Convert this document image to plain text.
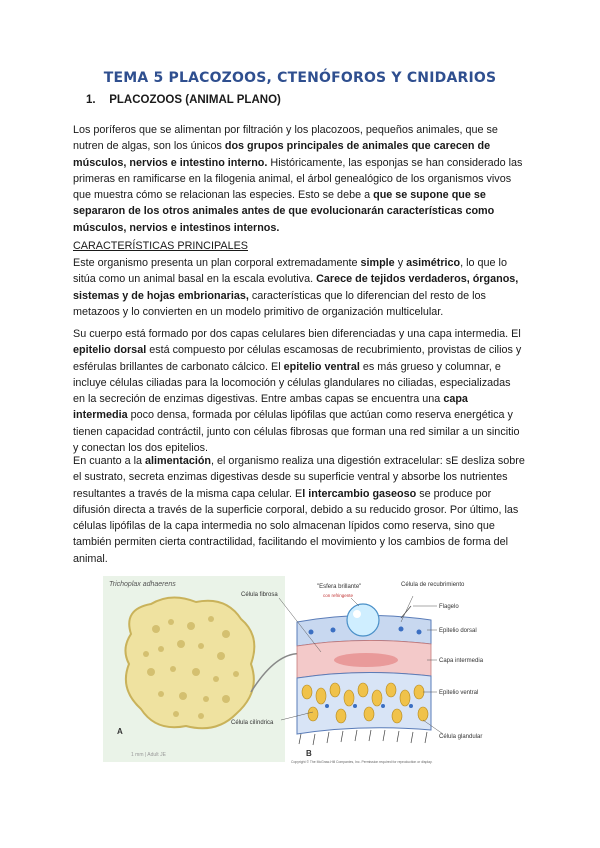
TEMA 5 PLACOZOOS, CTENÓFOROS Y CNIDARIOS
1. PLACOZOOS (ANIMAL PLANO)
Los poríferos que se alimentan por filtración y los placozoos, pequeños animales, que se nutren de algas, son los únicos dos grupos principales de animales que carecen de músculos, nervios e intestino interno. Históricamente, las esponjas se han considerado las primeras en ramificarse en la filogenia animal, el árbol genealógico de los organismos vivos que muestra cómo se relacionan las especies. Esto se debe a que se supone que se separaron de los otros animales antes de que evolucionarán características como músculos, nervios e intestinos internos.
CARACTERÍSTICAS PRINCIPALES
Este organismo presenta un plan corporal extremadamente simple y asimétrico, lo que lo sitúa como un animal basal en la escala evolutiva. Carece de tejidos verdaderos, órganos, sistemas y de hojas embrionarias, características que lo diferencian del resto de los metazoos y lo convierten en un modelo primitivo de organización multicelular.
Su cuerpo está formado por dos capas celulares bien diferenciadas y una capa intermedia. El epitelio dorsal está compuesto por células escamosas de recubrimiento, provistas de cilios y esférulas brillantes de carbonato cálcico. El epitelio ventral es más grueso y columnar, e incluye células ciliadas para la locomoción y células glandulares no ciliadas, especializadas en la secreción de enzimas digestivas. Entre ambas capas se encuentra una capa intermedia poco densa, formada por células lipófilas que actúan como reserva energética y tienen capacidad contráctil, junto con células fibrosas que forman una red similar a un sincitio y conectan los dos epitelios.
En cuanto a la alimentación, el organismo realiza una digestión extracelular: sE desliza sobre el sustrato, secreta enzimas digestivas desde su superficie ventral y absorbe los nutrientes resultantes a través de la misma capa celular. El intercambio gaseoso se produce por difusión directa a través de la superficie corporal, debido a su reducido grosor. Por último, las células lipófilas de la capa intermedia no solo almacenan lípidos como reserva, sino que también permiten cierta contractilidad, facilitando el movimiento y los cambios de forma del animal.
Trichoplax adhaerens
A
1 mm | Adult JE
Célula fibrosa
"Esfera brillante"
con refringente
Célula de recubrimiento
Flagelo
Epitelio dorsal
Capa intermedia
Epitelio ventral
Célula cilíndrica
Célula glandular
B
Copyright © The McGraw-Hill Companies, Inc. Permission required for reproduction or display.
